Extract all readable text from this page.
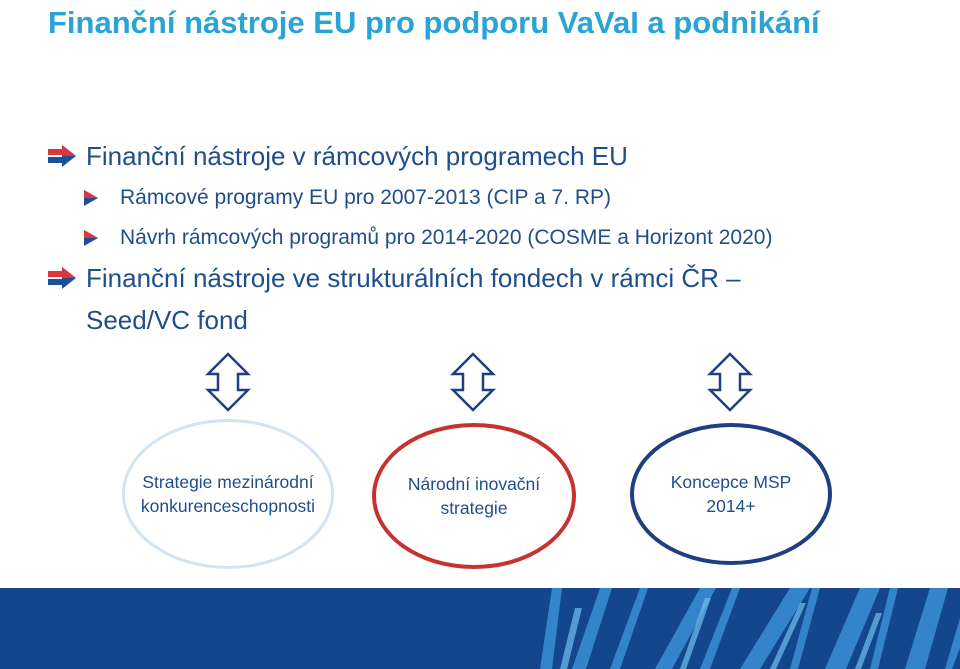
Finanční nástroje EU pro podporu VaVaI a podnikání
Finanční nástroje v rámcových programech EU
Rámcové programy EU pro 2007-2013 (CIP a 7. RP)
Návrh rámcových programů pro 2014-2020 (COSME a Horizont 2020)
Finanční nástroje ve strukturálních fondech v rámci ČR –
Seed/VC fond
Strategie mezinárodní
konkurenceschopnosti
Národní inovační
strategie
Koncepce MSP
2014+
